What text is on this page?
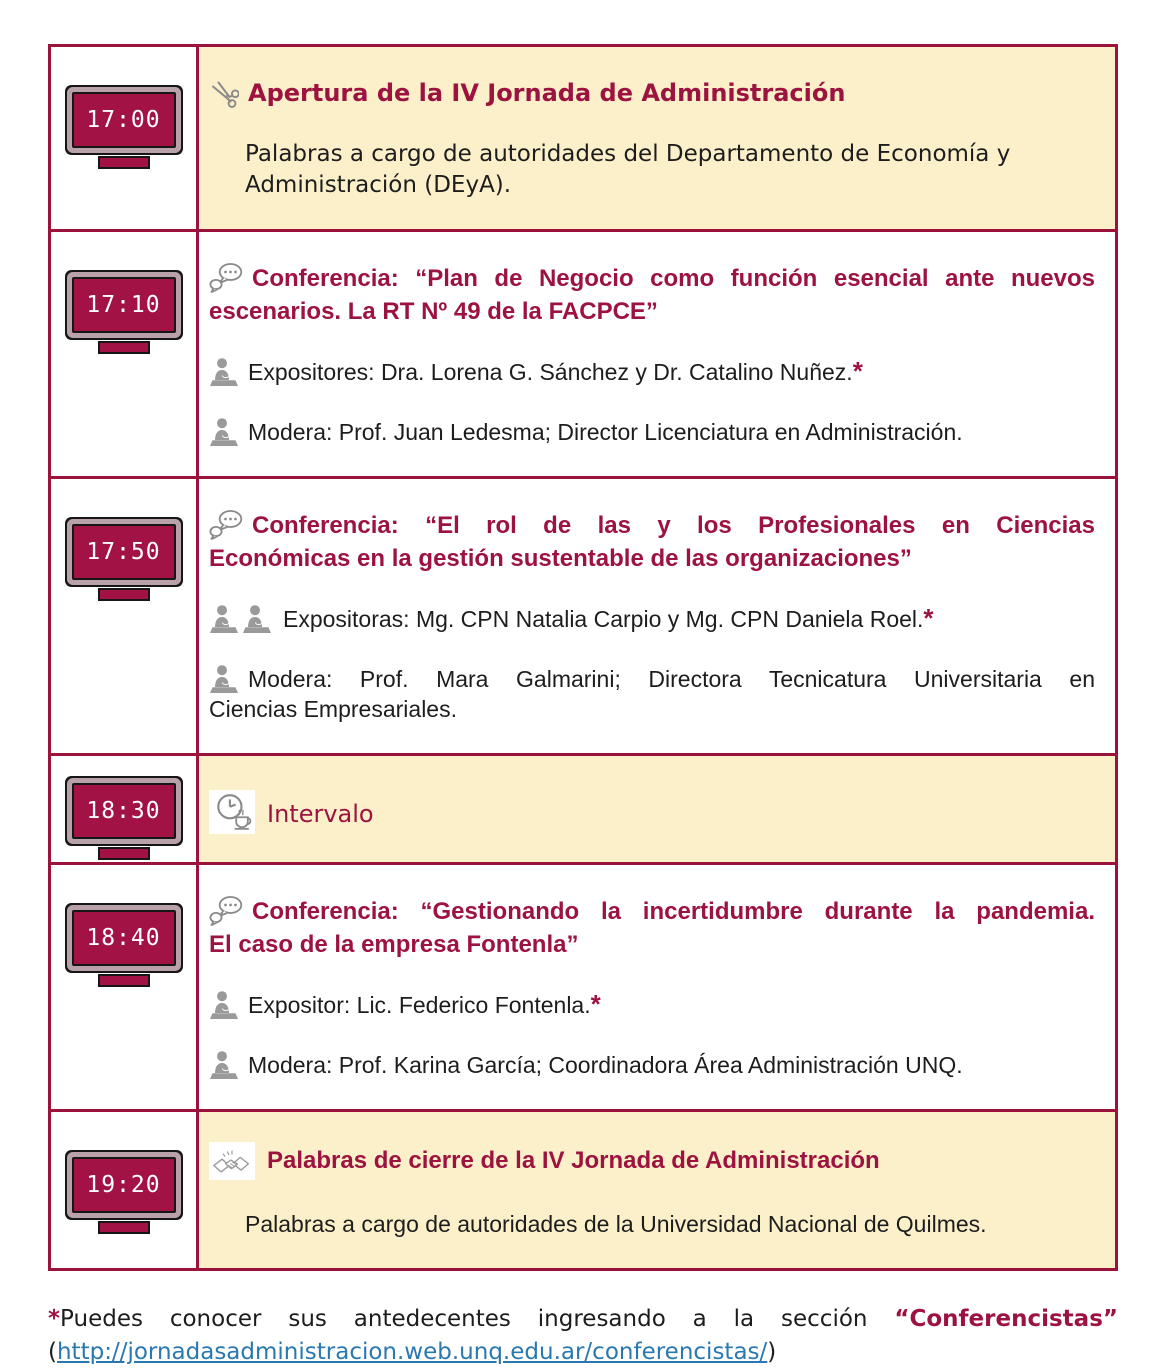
17:00

Apertura de la IV Jornada de Administración

Palabras a cargo de autoridades del Departamento de Economía y
Administración (DEyA).

17:10

Conferencia: “Plan de Negocio como función esencial ante nuevos
escenarios. La RT Nº 49 de la FACPCE”

Expositores: Dra. Lorena G. Sánchez y Dr. Catalino Nuñez.*

Modera: Prof. Juan Ledesma; Director Licenciatura en Administración.

17:50

Conferencia: “El rol de las y los Profesionales en Ciencias
Económicas en la gestión sustentable de las organizaciones”

Expositoras: Mg. CPN Natalia Carpio y Mg. CPN Daniela Roel.*

Modera: Prof. Mara Galmarini; Directora Tecnicatura Universitaria en
Ciencias Empresariales.

18:30	Intervalo

18:40

Conferencia: “Gestionando la incertidumbre durante la pandemia.
El caso de la empresa Fontenla”

Expositor: Lic. Federico Fontenla.*

Modera: Prof. Karina García; Coordinadora Área Administración UNQ.

19:20

Palabras de cierre de la IV Jornada de Administración

Palabras a cargo de autoridades de la Universidad Nacional de Quilmes.

*Puedes conocer sus antedecentes ingresando a la sección “Conferencistas”
(http://jornadasadministracion.web.unq.edu.ar/conferencistas/)
